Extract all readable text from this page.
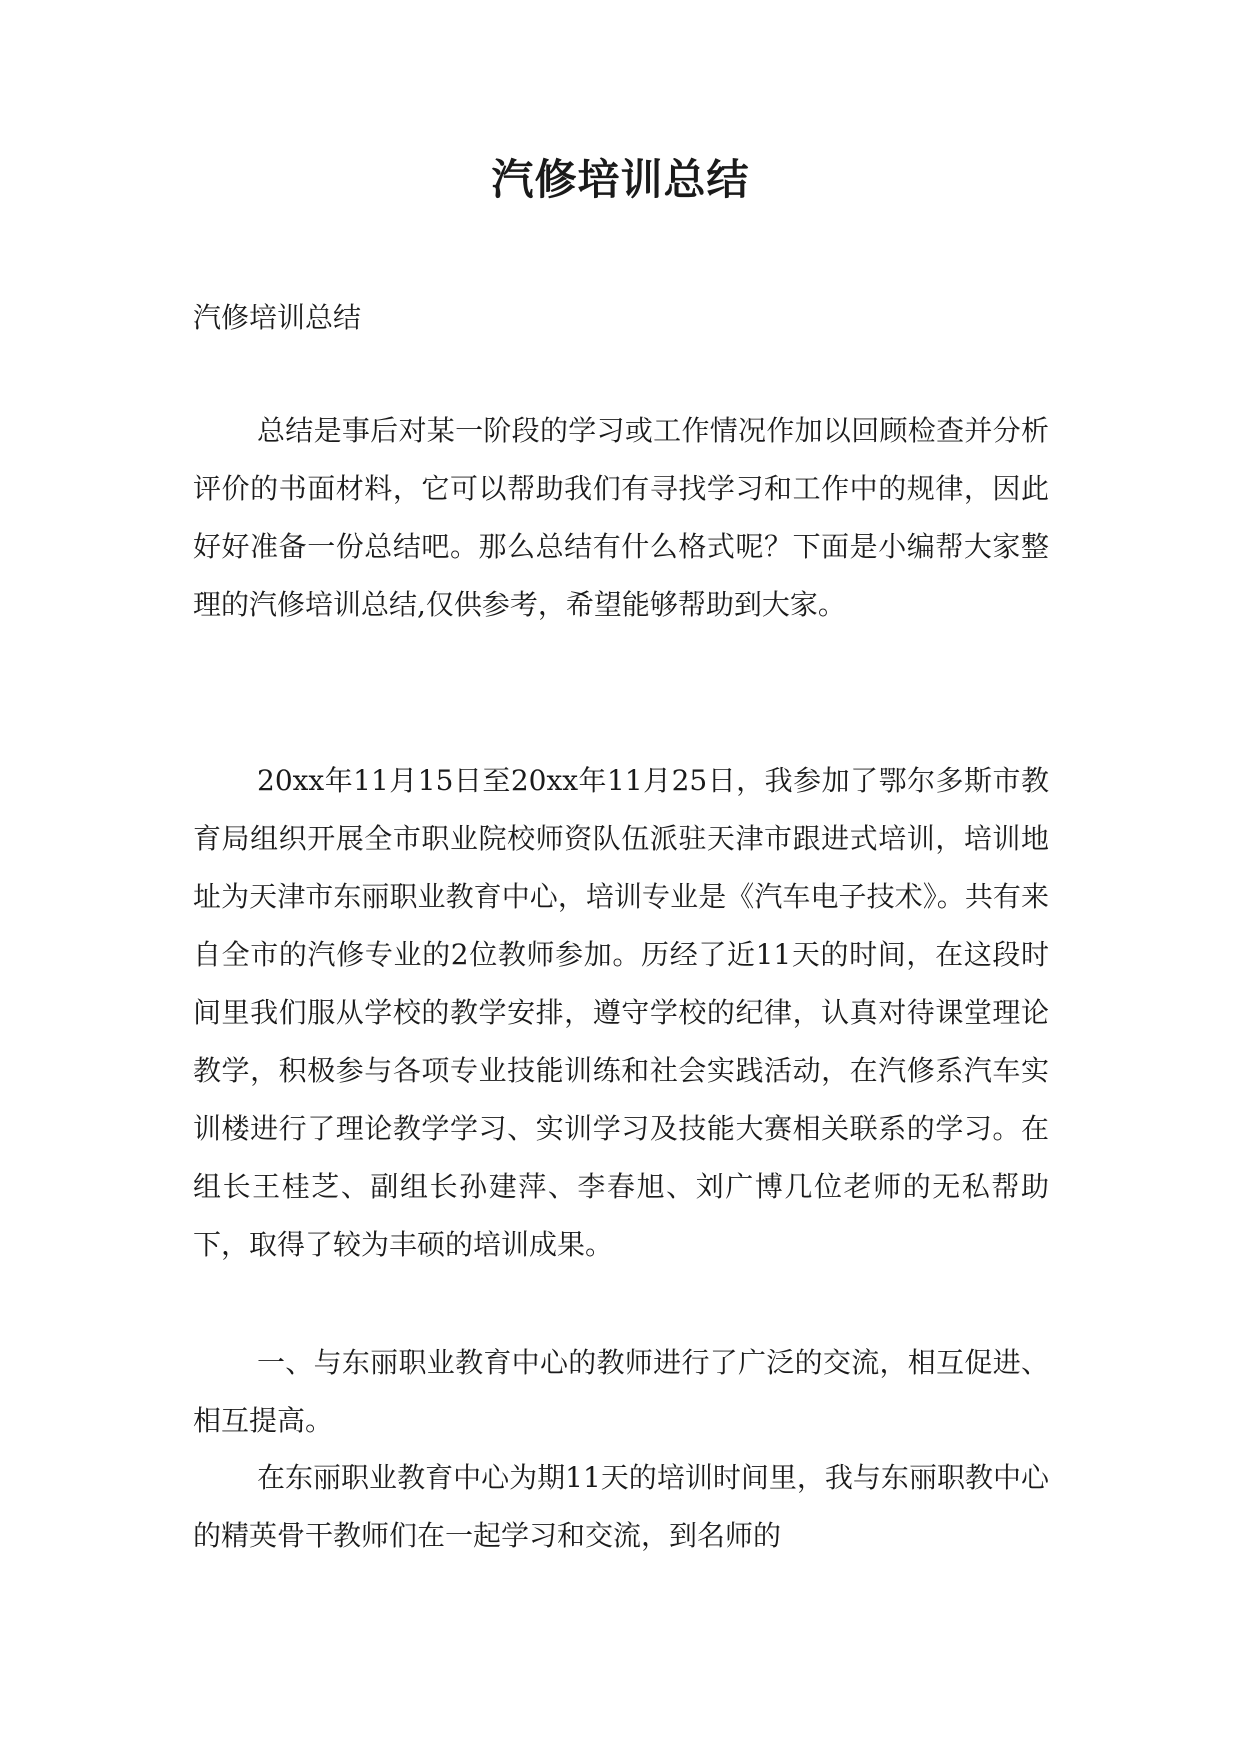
汽修培训总结

汽修培训总结

总结是事后对某一阶段的学习或工作情况作加以回顾检查并分析评价的书面材料，它可以帮助我们有寻找学习和工作中的规律，因此好好准备一份总结吧。那么总结有什么格式呢？下面是小编帮大家整理的汽修培训总结,仅供参考，希望能够帮助到大家。

20xx年11月15日至20xx年11月25日，我参加了鄂尔多斯市教育局组织开展全市职业院校师资队伍派驻天津市跟进式培训，培训地址为天津市东丽职业教育中心，培训专业是《汽车电子技术》。共有来自全市的汽修专业的2位教师参加。历经了近11天的时间，在这段时间里我们服从学校的教学安排，遵守学校的纪律，认真对待课堂理论教学，积极参与各项专业技能训练和社会实践活动，在汽修系汽车实训楼进行了理论教学学习、实训学习及技能大赛相关联系的学习。在组长王桂芝、副组长孙建萍、李春旭、刘广博几位老师的无私帮助下，取得了较为丰硕的培训成果。

一、与东丽职业教育中心的教师进行了广泛的交流，相互促进、相互提高。

在东丽职业教育中心为期11天的培训时间里，我与东丽职教中心的精英骨干教师们在一起学习和交流，到名师的
